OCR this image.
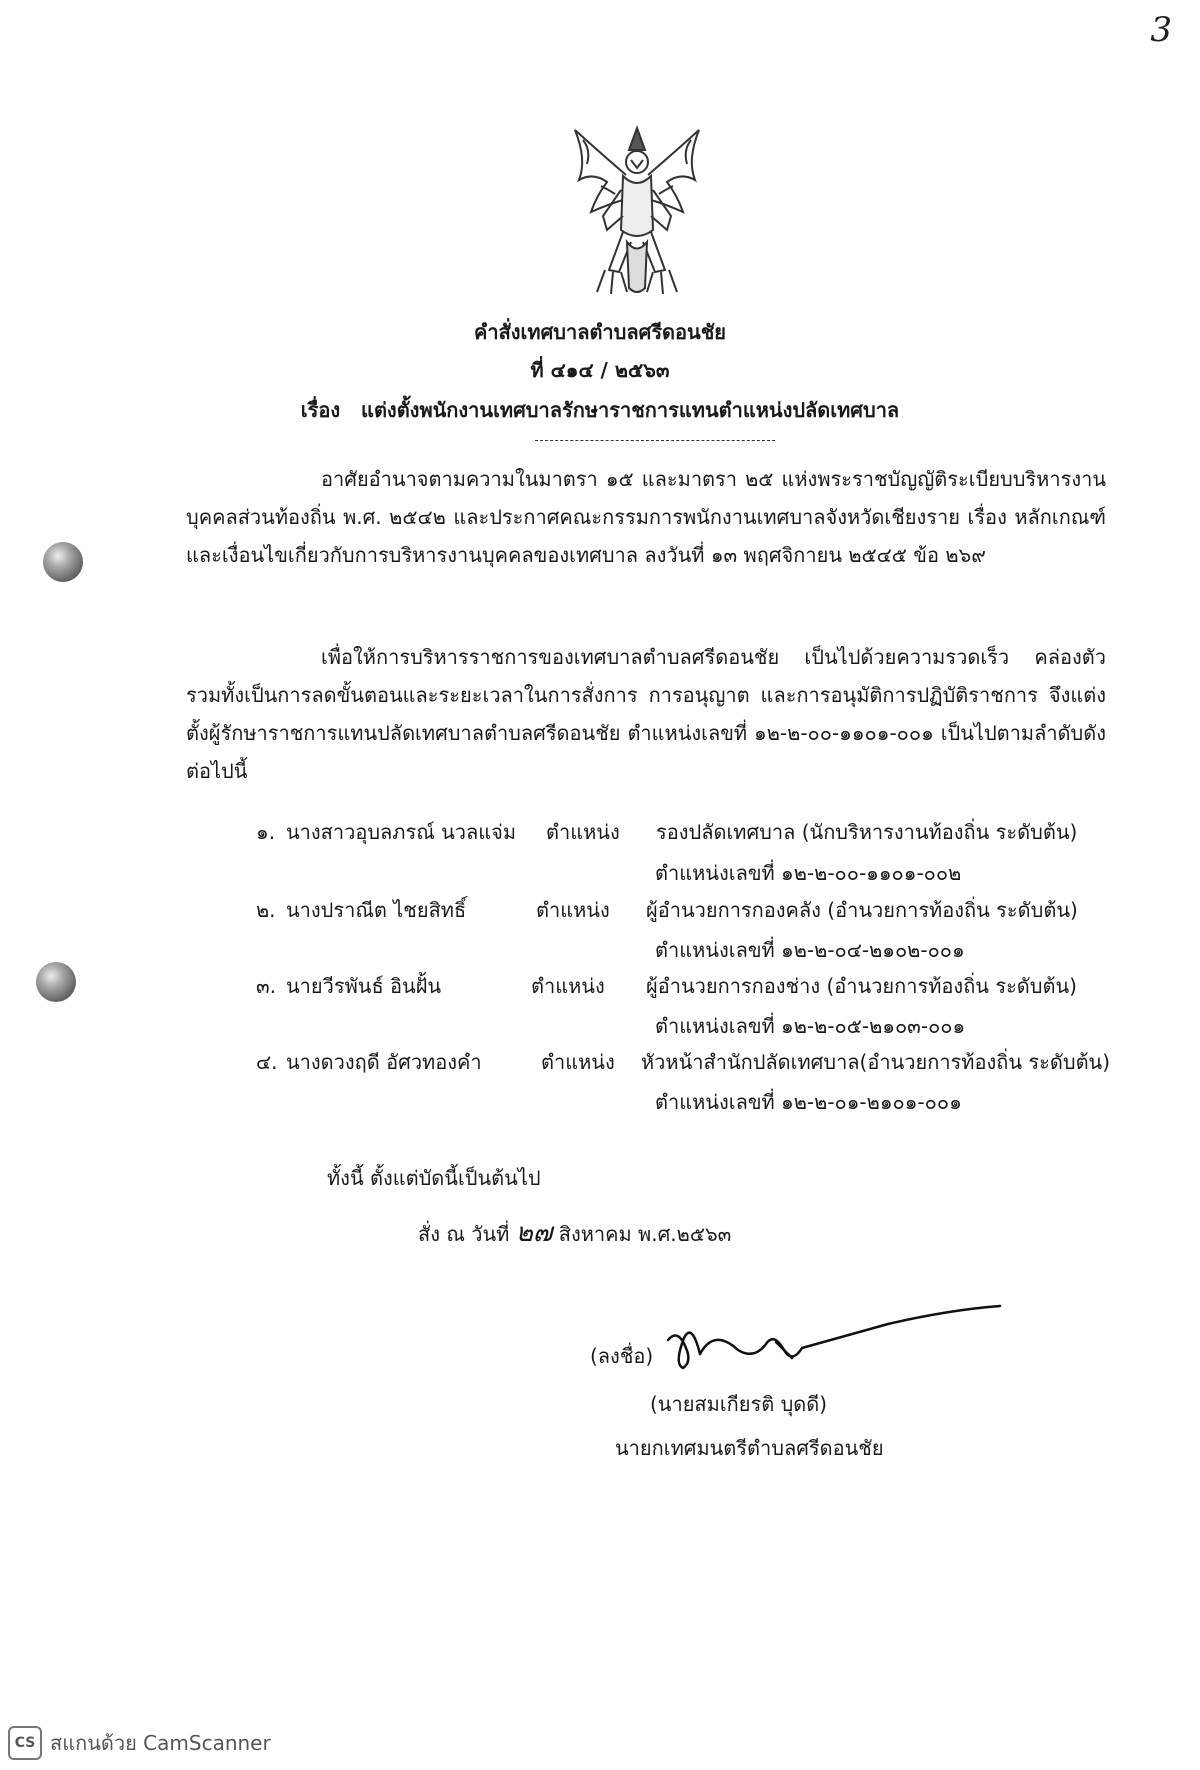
3
คำสั่งเทศบาลตำบลศรีดอนชัย
ที่ ๔๑๔ / ๒๕๖๓
เรื่อง แต่งตั้งพนักงานเทศบาลรักษาราชการแทนตำแหน่งปลัดเทศบาล
อาศัยอำนาจตามความในมาตรา ๑๕ และมาตรา ๒๕ แห่งพระราชบัญญัติระเบียบบริหารงานบุคคลส่วนท้องถิ่น พ.ศ. ๒๕๔๒ และประกาศคณะกรรมการพนักงานเทศบาลจังหวัดเชียงราย เรื่อง หลักเกณฑ์และเงื่อนไขเกี่ยวกับการบริหารงานบุคคลของเทศบาล ลงวันที่ ๑๓ พฤศจิกายน ๒๕๔๕ ข้อ ๒๖๙
เพื่อให้การบริหารราชการของเทศบาลตำบลศรีดอนชัย เป็นไปด้วยความรวดเร็ว คล่องตัว รวมทั้งเป็นการลดขั้นตอนและระยะเวลาในการสั่งการ การอนุญาต และการอนุมัติการปฏิบัติราชการ จึงแต่งตั้งผู้รักษาราชการแทนปลัดเทศบาลตำบลศรีดอนชัย ตำแหน่งเลขที่ ๑๒-๒-๐๐-๑๑๐๑-๐๐๑ เป็นไปตามลำดับดังต่อไปนี้
๑. นางสาวอุบลภรณ์ นวลแจ่ม ตำแหน่ง รองปลัดเทศบาล (นักบริหารงานท้องถิ่น ระดับต้น)
ตำแหน่งเลขที่ ๑๒-๒-๐๐-๑๑๐๑-๐๐๒
๒. นางปราณีต ไชยสิทธิ์	ตำแหน่ง ผู้อำนวยการกองคลัง (อำนวยการท้องถิ่น ระดับต้น)
ตำแหน่งเลขที่ ๑๒-๒-๐๔-๒๑๐๒-๐๐๑
๓. นายวีรพันธ์ อินฝั้น	ตำแหน่ง ผู้อำนวยการกองช่าง (อำนวยการท้องถิ่น ระดับต้น)
ตำแหน่งเลขที่ ๑๒-๒-๐๕-๒๑๐๓-๐๐๑
๔. นางดวงฤดี อัศวทองคำ	ตำแหน่ง หัวหน้าสำนักปลัดเทศบาล(อำนวยการท้องถิ่น ระดับต้น)
ตำแหน่งเลขที่ ๑๒-๒-๐๑-๒๑๐๑-๐๐๑
ทั้งนี้ ตั้งแต่บัดนี้เป็นต้นไป
สั่ง ณ วันที่ ๒๗ สิงหาคม พ.ศ.๒๕๖๓
(ลงชื่อ)
(นายสมเกียรติ บุดดี)
นายกเทศมนตรีตำบลศรีดอนชัย
CS สแกนด้วย CamScanner
